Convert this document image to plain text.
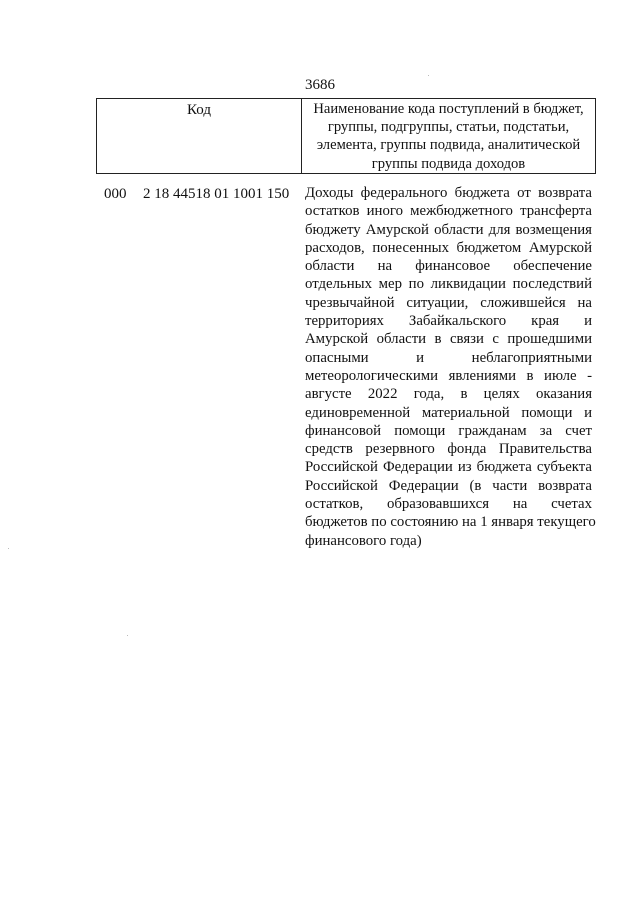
3686
Код	Наименование кода поступлений в бюджет,
группы, подгруппы, статьи, подстатьи,
элемента, группы подвида, аналитической
группы подвида доходов
000 2 18 44518 01 1001 150 Доходы федерального бюджета от возврата
остатков иного межбюджетного трансферта
бюджету Амурской области для возмещения
расходов, понесенных бюджетом Амурской
области на финансовое обеспечение
отдельных мер по ликвидации последствий
чрезвычайной ситуации, сложившейся на
территориях Забайкальского края и
Амурской области в связи с прошедшими
опасными и неблагоприятными
метеорологическими явлениями в июле -
августе 2022 года, в целях оказания
единовременной материальной помощи и
финансовой помощи гражданам за счет
средств резервного фонда Правительства
Российской Федерации из бюджета субъекта
Российской Федерации (в части возврата
остатков, образовавшихся на счетах
бюджетов по состоянию на 1 января текущего
финансового года)
